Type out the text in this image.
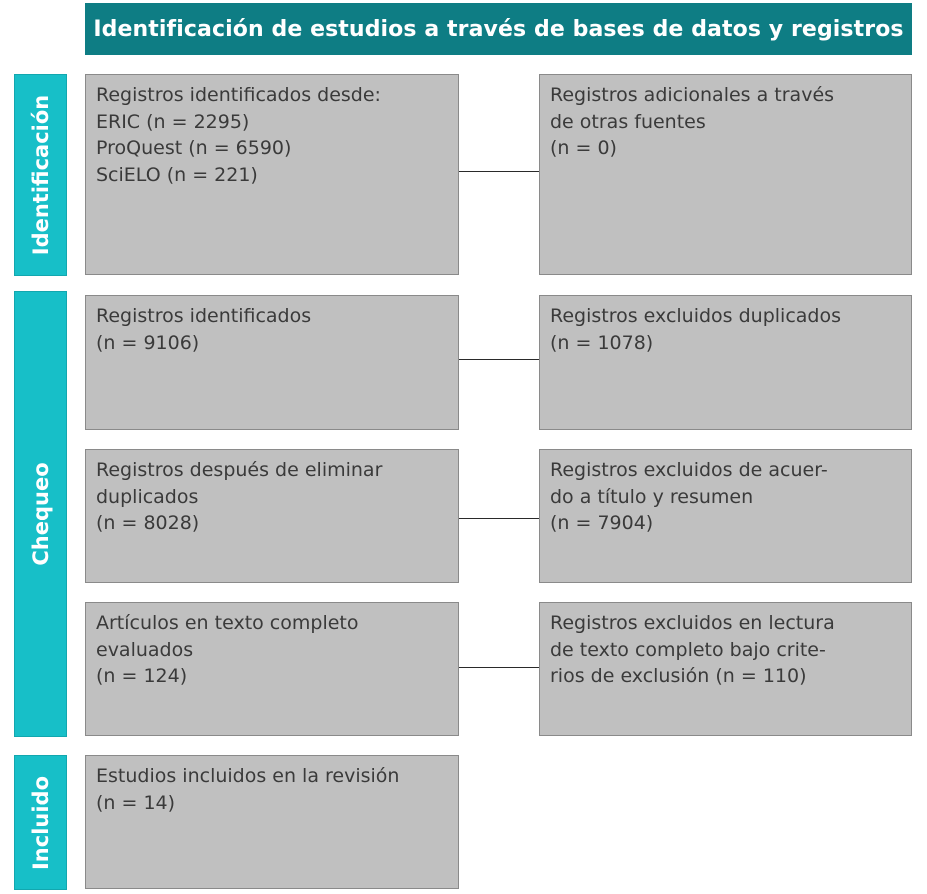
Identificación de estudios a través de bases de datos y registros
Identificación
Chequeo
Incluido
Registros identificados desde:
ERIC (n = 2295)
ProQuest (n = 6590)
SciELO (n = 221)
Registros adicionales a través
de otras fuentes
(n = 0)
Registros identificados
(n = 9106)
Registros excluidos duplicados
(n = 1078)
Registros después de eliminar
duplicados
(n = 8028)
Registros excluidos de acuer-
do a título y resumen
(n = 7904)
Artículos en texto completo
evaluados
(n = 124)
Registros excluidos en lectura
de texto completo bajo crite-
rios de exclusión (n = 110)
Estudios incluidos en la revisión
(n = 14)
